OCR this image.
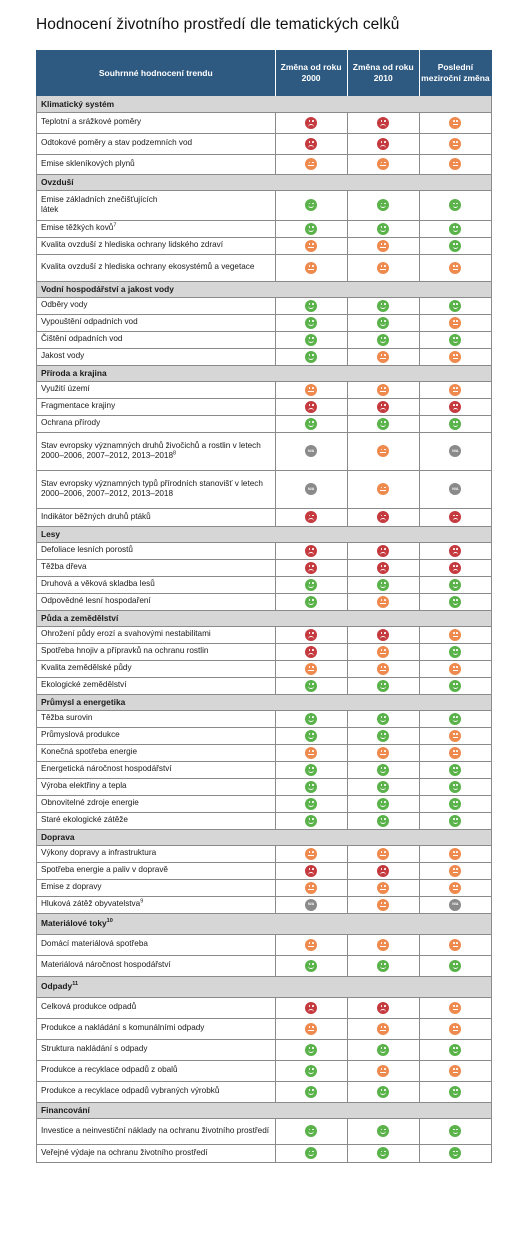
Hodnocení životního prostředí dle tematických celků
Souhrnné hodnocení trendu	Změna od roku 2000	Změna od roku 2010	Poslední meziroční změna
Klimatický systém			
Teplotní a srážkové poměry	

Odtokové poměry a stav podzemních vod	

Emise skleníkových plynů	

Ovzduší			
Emise základních znečišťujících látek	

Emise těžkých kovů$^7$	

Kvalita ovzduší z hlediska ochrany lidského zdraví	

Kvalita ovzduší z hlediska ochrany ekosystémů a vegetace	

Vodní hospodářství a jakost vody			
Odběry vody	

Vypouštění odpadních vod	

Čištění odpadních vod	

Jakost vody	

Příroda a krajina			
Využití území	

Fragmentace krajiny	

Ochrana přírody	

Stav evropsky významných druhů živočichů a rostlin v letech 2000–2006, 2007–2012, 2013–2018$^8$	N/A		N/A

Stav evropsky významných typů přírodních stanovišť v letech 2000–2006, 2007–2012, 2013–2018	N/A		N/A

Indikátor běžných druhů ptáků	

Lesy			
Defoliace lesních porostů	

Těžba dřeva	

Druhová a věková skladba lesů	

Odpovědné lesní hospodaření	

Půda a zemědělství			
Ohrožení půdy erozí a svahovými nestabilitami	

Spotřeba hnojiv a přípravků na ochranu rostlin	

Kvalita zemědělské půdy	

Ekologické zemědělství	

Průmysl a energetika			
Těžba surovin	

Průmyslová produkce	

Konečná spotřeba energie	

Energetická náročnost hospodářství	

Výroba elektřiny a tepla	

Obnovitelné zdroje energie	

Staré ekologické zátěže	

Doprava			
Výkony dopravy a infrastruktura	

Spotřeba energie a paliv v dopravě	

Emise z dopravy	

Hluková zátěž obyvatelstva$^9$	N/A		N/A

Materiálové toky$^{10}$
Domácí materiálová spotřeba	

Materiálová náročnost hospodářství	

Odpady$^{11}$
Celková produkce odpadů	

Produkce a nakládání s komunálními odpady	

Struktura nakládání s odpady	

Produkce a recyklace odpadů z obalů	

Produkce a recyklace odpadů vybraných výrobků	

Financování			
Investice a neinvestiční náklady na ochranu životního prostředí	

Veřejné výdaje na ochranu životního prostředí	
